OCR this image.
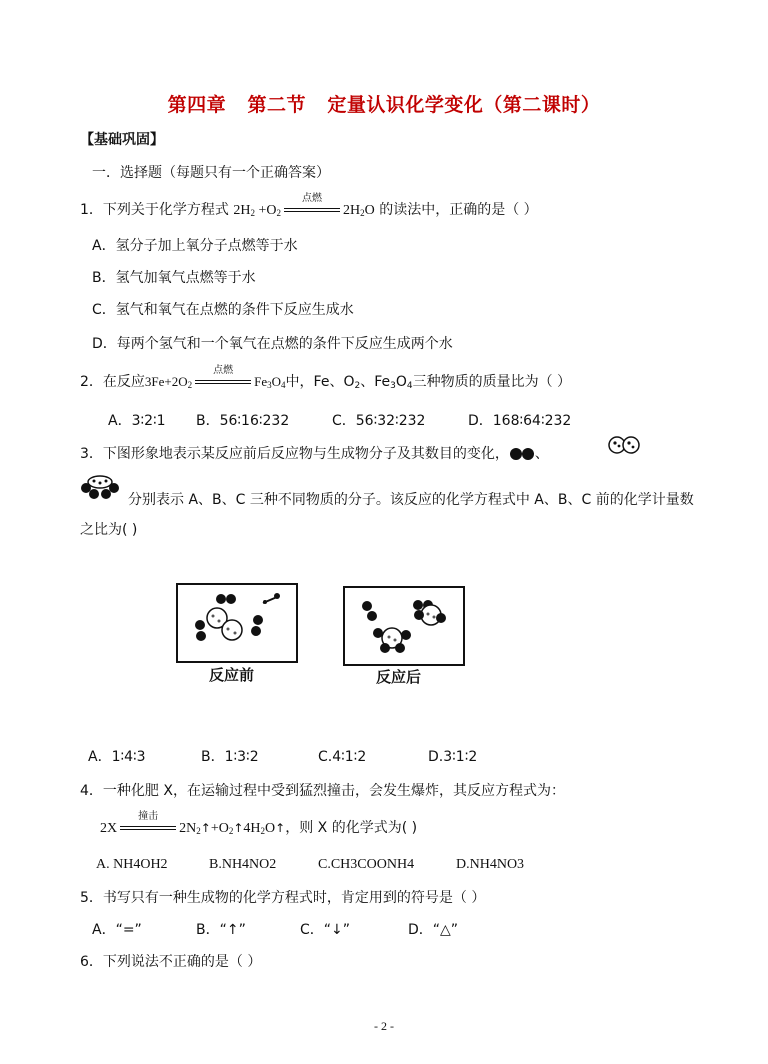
第四章   第二节   定量认识化学变化（第二课时）
【基础巩固】
一．选择题（每题只有一个正确答案）
1．下列关于化学方程式 $2H_2 +O_2$
点燃
$2H_2O$ 的读法中，正确的是（ ）
A．氢分子加上氧分子点燃等于水
B．氢气加氧气点燃等于水
C．氢气和氧气在点燃的条件下反应生成水
D．每两个氢气和一个氧气在点燃的条件下反应生成两个水
2．在反应$3Fe+2O_2$
点燃
$Fe_3O_4$中，Fe、$O_2$、$Fe_3O_4$三种物质的质量比为（ ）
A．3∶2∶1 B．56∶16∶232	C．56∶32∶232	D．168∶64∶232
3．下图形象地表示某反应前后反应物与生成物分子及其数目的变化， 、
分别表示 A、B、C 三种不同物质的分子。该反应的化学方程式中 A、B、C 前的化学计量数
之比为( )
反应前	反应后
A．1∶4∶3	B．1∶3∶2	C.4∶1∶2	D.3∶1∶2
4．一种化肥 X，在运输过程中受到猛烈撞击，会发生爆炸，其反应方程式为：
2X
撞击
$2N_2↑+O_2↑4H_2O↑$，则 X 的化学式为( )
A. NH4OH2	B.NH4NO2	C.CH3COONH4	D.NH4NO3
5．书写只有一种生成物的化学方程式时，肯定用到的符号是（ ）
A．“=”	B．“↑”	C．“↓”	D．“△”
6．下列说法不正确的是（ ）
- 2 -
